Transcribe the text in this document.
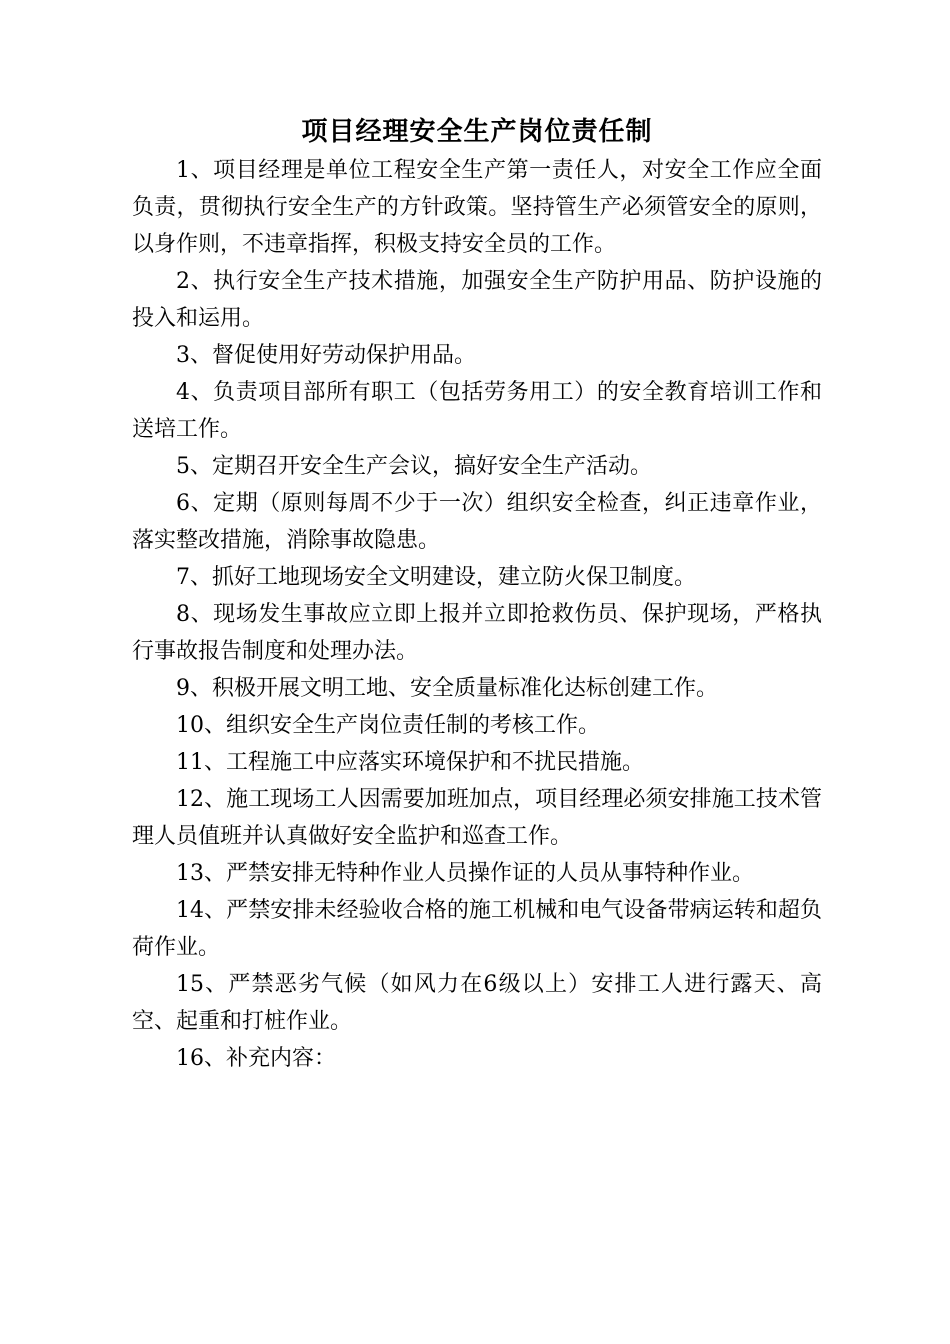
项目经理安全生产岗位责任制

1、项目经理是单位工程安全生产第一责任人，对安全工作应全面负责，贯彻执行安全生产的方针政策。坚持管生产必须管安全的原则，以身作则，不违章指挥，积极支持安全员的工作。

2、执行安全生产技术措施，加强安全生产防护用品、防护设施的投入和运用。

3、督促使用好劳动保护用品。

4、负责项目部所有职工（包括劳务用工）的安全教育培训工作和送培工作。

5、定期召开安全生产会议，搞好安全生产活动。

6、定期（原则每周不少于一次）组织安全检查，纠正违章作业，落实整改措施，消除事故隐患。

7、抓好工地现场安全文明建设，建立防火保卫制度。

8、现场发生事故应立即上报并立即抢救伤员、保护现场，严格执行事故报告制度和处理办法。

9、积极开展文明工地、安全质量标准化达标创建工作。

10、组织安全生产岗位责任制的考核工作。

11、工程施工中应落实环境保护和不扰民措施。

12、施工现场工人因需要加班加点，项目经理必须安排施工技术管理人员值班并认真做好安全监护和巡查工作。

13、严禁安排无特种作业人员操作证的人员从事特种作业。

14、严禁安排未经验收合格的施工机械和电气设备带病运转和超负荷作业。

15、严禁恶劣气候（如风力在6级以上）安排工人进行露天、高空、起重和打桩作业。

16、补充内容：
